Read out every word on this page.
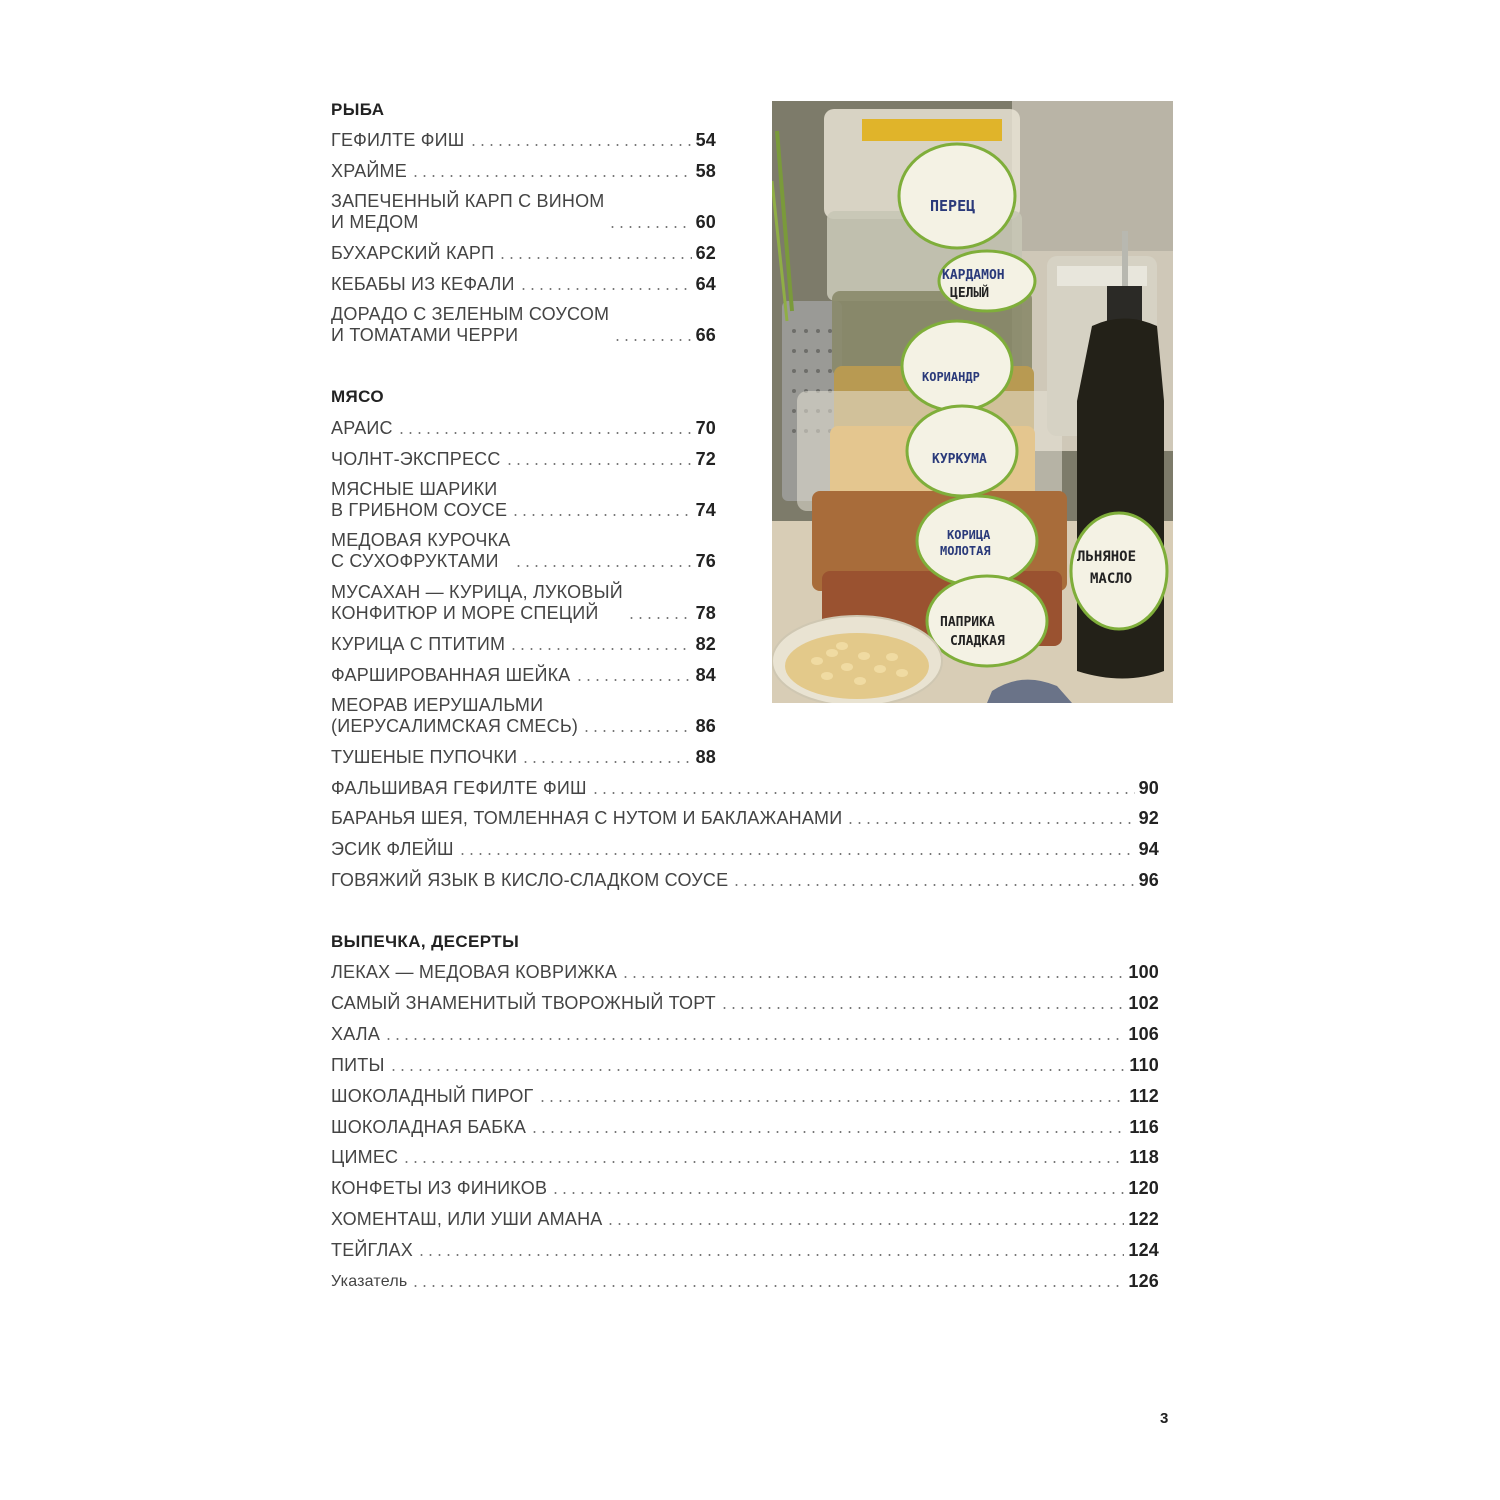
РЫБА
ГЕФИЛТЕ ФИШ	54
ХРАЙМЕ	58
ЗАПЕЧЕННЫЙ КАРП С ВИНОМ
И МЕДОМ	60
БУХАРСКИЙ КАРП	62
КЕБАБЫ ИЗ КЕФАЛИ	64
ДОРАДО С ЗЕЛЕНЫМ СОУСОМ
И ТОМАТАМИ ЧЕРРИ	66
МЯСО
АРАИС	70
ЧОЛНТ-ЭКСПРЕСС	72
МЯСНЫЕ ШАРИКИ
В ГРИБНОМ СОУСЕ	74
МЕДОВАЯ КУРОЧКА
С СУХОФРУКТАМИ	76
МУСАХАН — КУРИЦА, ЛУКОВЫЙ
КОНФИТЮР И МОРЕ СПЕЦИЙ	78
КУРИЦА С ПТИТИМ	82
ФАРШИРОВАННАЯ ШЕЙКА	84
МЕОРАВ ИЕРУШАЛЬМИ
(ИЕРУСАЛИМСКАЯ СМЕСЬ)	86
ТУШЕНЫЕ ПУПОЧКИ	88
ФАЛЬШИВАЯ ГЕФИЛТЕ ФИШ	90
БАРАНЬЯ ШЕЯ, ТОМЛЕННАЯ С НУТОМ И БАКЛАЖАНАМИ	92
ЭСИК ФЛЕЙШ	94
ГОВЯЖИЙ ЯЗЫК В КИСЛО-СЛАДКОМ СОУСЕ	96
ВЫПЕЧКА, ДЕСЕРТЫ
ЛЕКАХ — МЕДОВАЯ КОВРИЖКА	100
САМЫЙ ЗНАМЕНИТЫЙ ТВОРОЖНЫЙ ТОРТ	102
ХАЛА	106
ПИТЫ	110
ШОКОЛАДНЫЙ ПИРОГ	112
ШОКОЛАДНАЯ БАБКА	116
ЦИМЕС	118
КОНФЕТЫ ИЗ ФИНИКОВ	120
ХОМЕНТАШ, ИЛИ УШИ АМАНА	122
ТЕЙГЛАХ	124
Указатель	126
ПЕРЕЦ
КАРДАМОН
ЦЕЛЫЙ
КОРИАНДР
КУРКУМА
КОРИЦА
МОЛОТАЯ
ПАПРИКА
СЛАДКАЯ
ЛЬНЯНОЕ
МАСЛО
3
